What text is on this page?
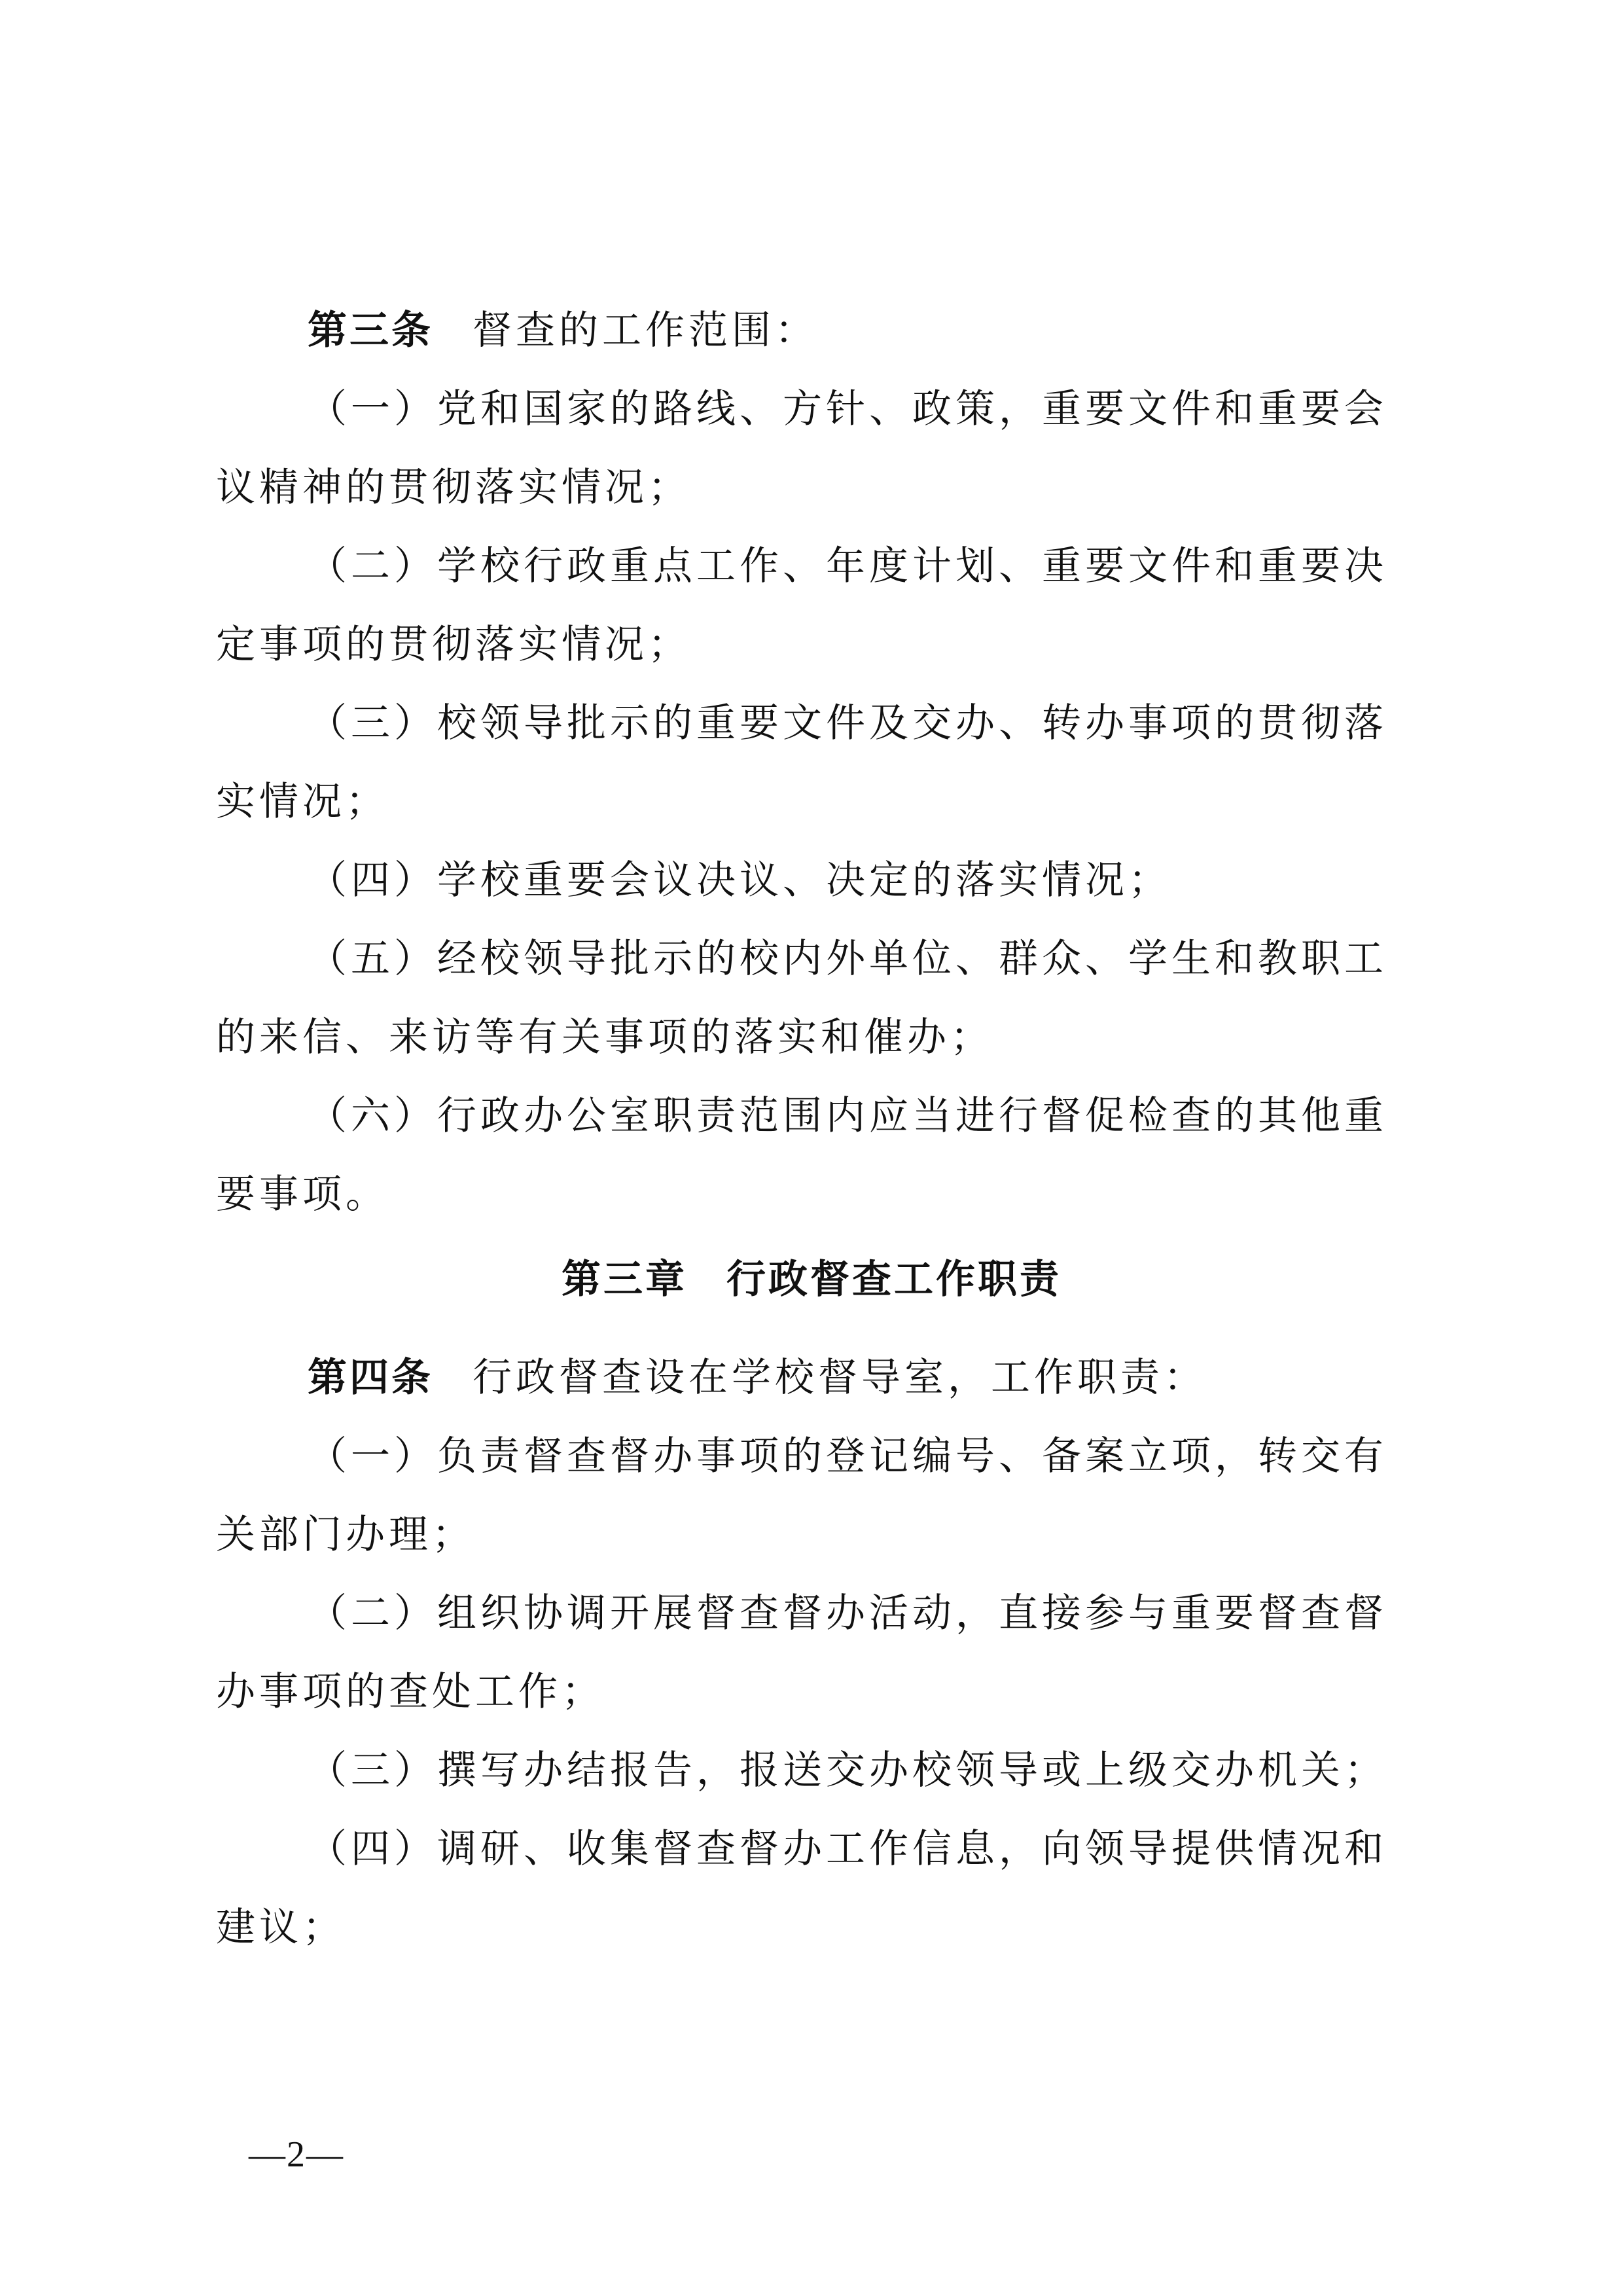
第三条 督查的工作范围：

（一）党和国家的路线、方针、政策，重要文件和重要会议精神的贯彻落实情况；

（二）学校行政重点工作、年度计划、重要文件和重要决定事项的贯彻落实情况；

（三）校领导批示的重要文件及交办、转办事项的贯彻落实情况；

（四）学校重要会议决议、决定的落实情况；

（五）经校领导批示的校内外单位、群众、学生和教职工的来信、来访等有关事项的落实和催办；

（六）行政办公室职责范围内应当进行督促检查的其他重要事项。

第三章 行政督查工作职责

第四条 行政督查设在学校督导室，工作职责：

（一）负责督查督办事项的登记编号、备案立项，转交有关部门办理；

（二）组织协调开展督查督办活动，直接参与重要督查督办事项的查处工作；

（三）撰写办结报告，报送交办校领导或上级交办机关；

（四）调研、收集督查督办工作信息，向领导提供情况和建议；

—2—
